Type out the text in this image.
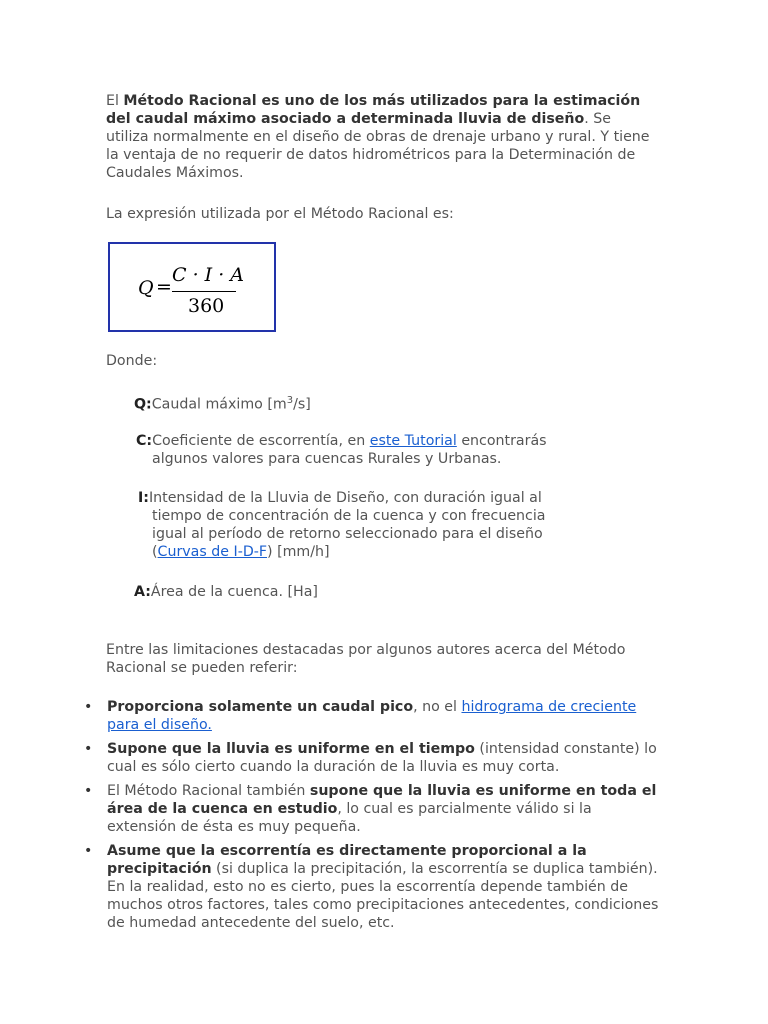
El Método Racional es uno de los más utilizados para la estimación del caudal máximo asociado a determinada lluvia de diseño. Se utiliza normalmente en el diseño de obras de drenaje urbano y rural. Y tiene la ventaja de no requerir de datos hidrométricos para la Determinación de Caudales Máximos.

La expresión utilizada por el Método Racional es:

Q =
C · I · A
360

Donde:

Q:Caudal máximo $[m^3/s]$

C:Coeficiente de escorrentía, en este Tutorial encontrarás algunos valores para cuencas Rurales y Urbanas.

I:Intensidad de la Lluvia de Diseño, con duración igual al tiempo de concentración de la cuenca y con frecuencia igual al período de retorno seleccionado para el diseño (Curvas de I-D-F) [mm/h]

A:Área de la cuenca. [Ha]

Entre las limitaciones destacadas por algunos autores acerca del Método Racional se pueden referir:

• Proporciona solamente un caudal pico, no el hidrograma de creciente para el diseño.
• Supone que la lluvia es uniforme en el tiempo (intensidad constante) lo cual es sólo cierto cuando la duración de la lluvia es muy corta.
• El Método Racional también supone que la lluvia es uniforme en toda el área de la cuenca en estudio, lo cual es parcialmente válido si la extensión de ésta es muy pequeña.
• Asume que la escorrentía es directamente proporcional a la precipitación (si duplica la precipitación, la escorrentía se duplica también). En la realidad, esto no es cierto, pues la escorrentía depende también de muchos otros factores, tales como precipitaciones antecedentes, condiciones de humedad antecedente del suelo, etc.
